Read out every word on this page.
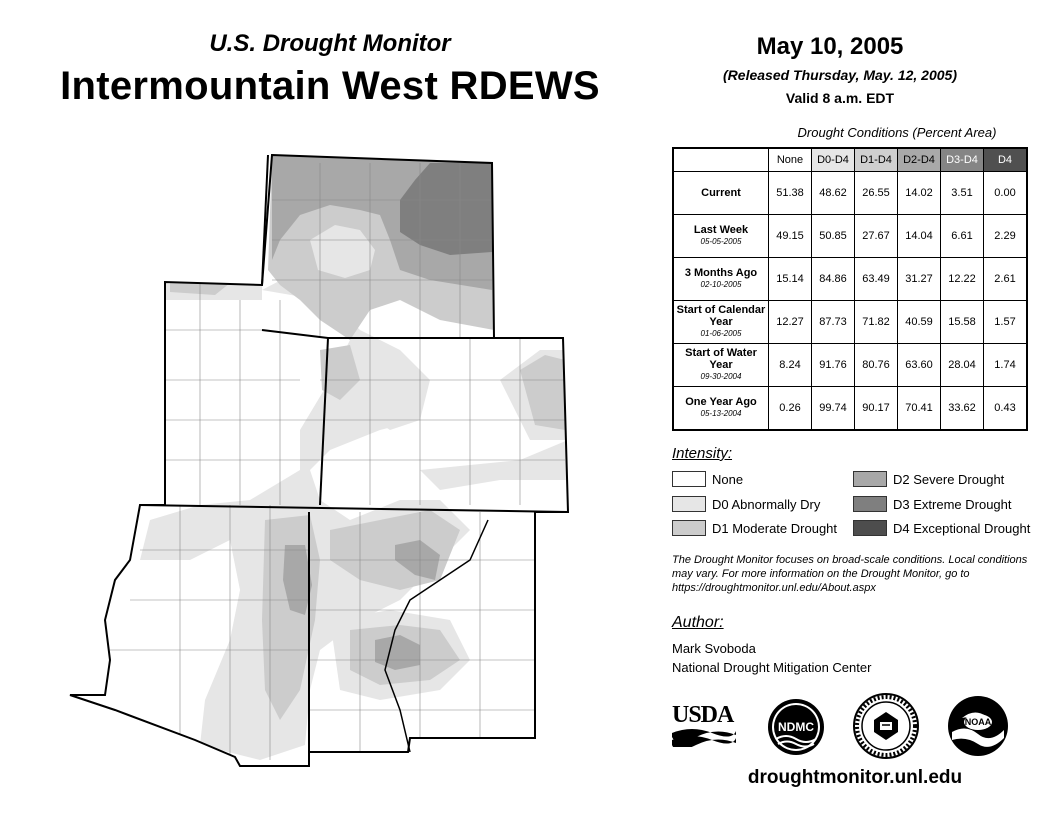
U.S. Drought Monitor
Intermountain West RDEWS
May 10, 2005
(Released Thursday, May. 12, 2005)
Valid 8 a.m. EDT
Drought Conditions (Percent Area)
	None	D0-D4	D1-D4	D2-D4	D3-D4	D4
Current	51.38	48.62	26.55	14.02	3.51	0.00
Last Week
05-05-2005	49.15	50.85	27.67	14.04	6.61	2.29
3 Months Ago
02-10-2005	15.14	84.86	63.49	31.27	12.22	2.61
Start of Calendar Year
01-06-2005	12.27	87.73	71.82	40.59	15.58	1.57
Start of Water Year
09-30-2004	8.24	91.76	80.76	63.60	28.04	1.74
One Year Ago
05-13-2004	0.26	99.74	90.17	70.41	33.62	0.43
Intensity:
None
D0 Abnormally Dry
D1 Moderate Drought
D2 Severe Drought
D3 Extreme Drought
D4 Exceptional Drought
The Drought Monitor focuses on broad-scale conditions. Local conditions may vary. For more information on the Drought Monitor, go to https://droughtmonitor.unl.edu/About.aspx
Author:
Mark Svoboda
National Drought Mitigation Center
USDA	NDMC	NOAA
droughtmonitor.unl.edu
